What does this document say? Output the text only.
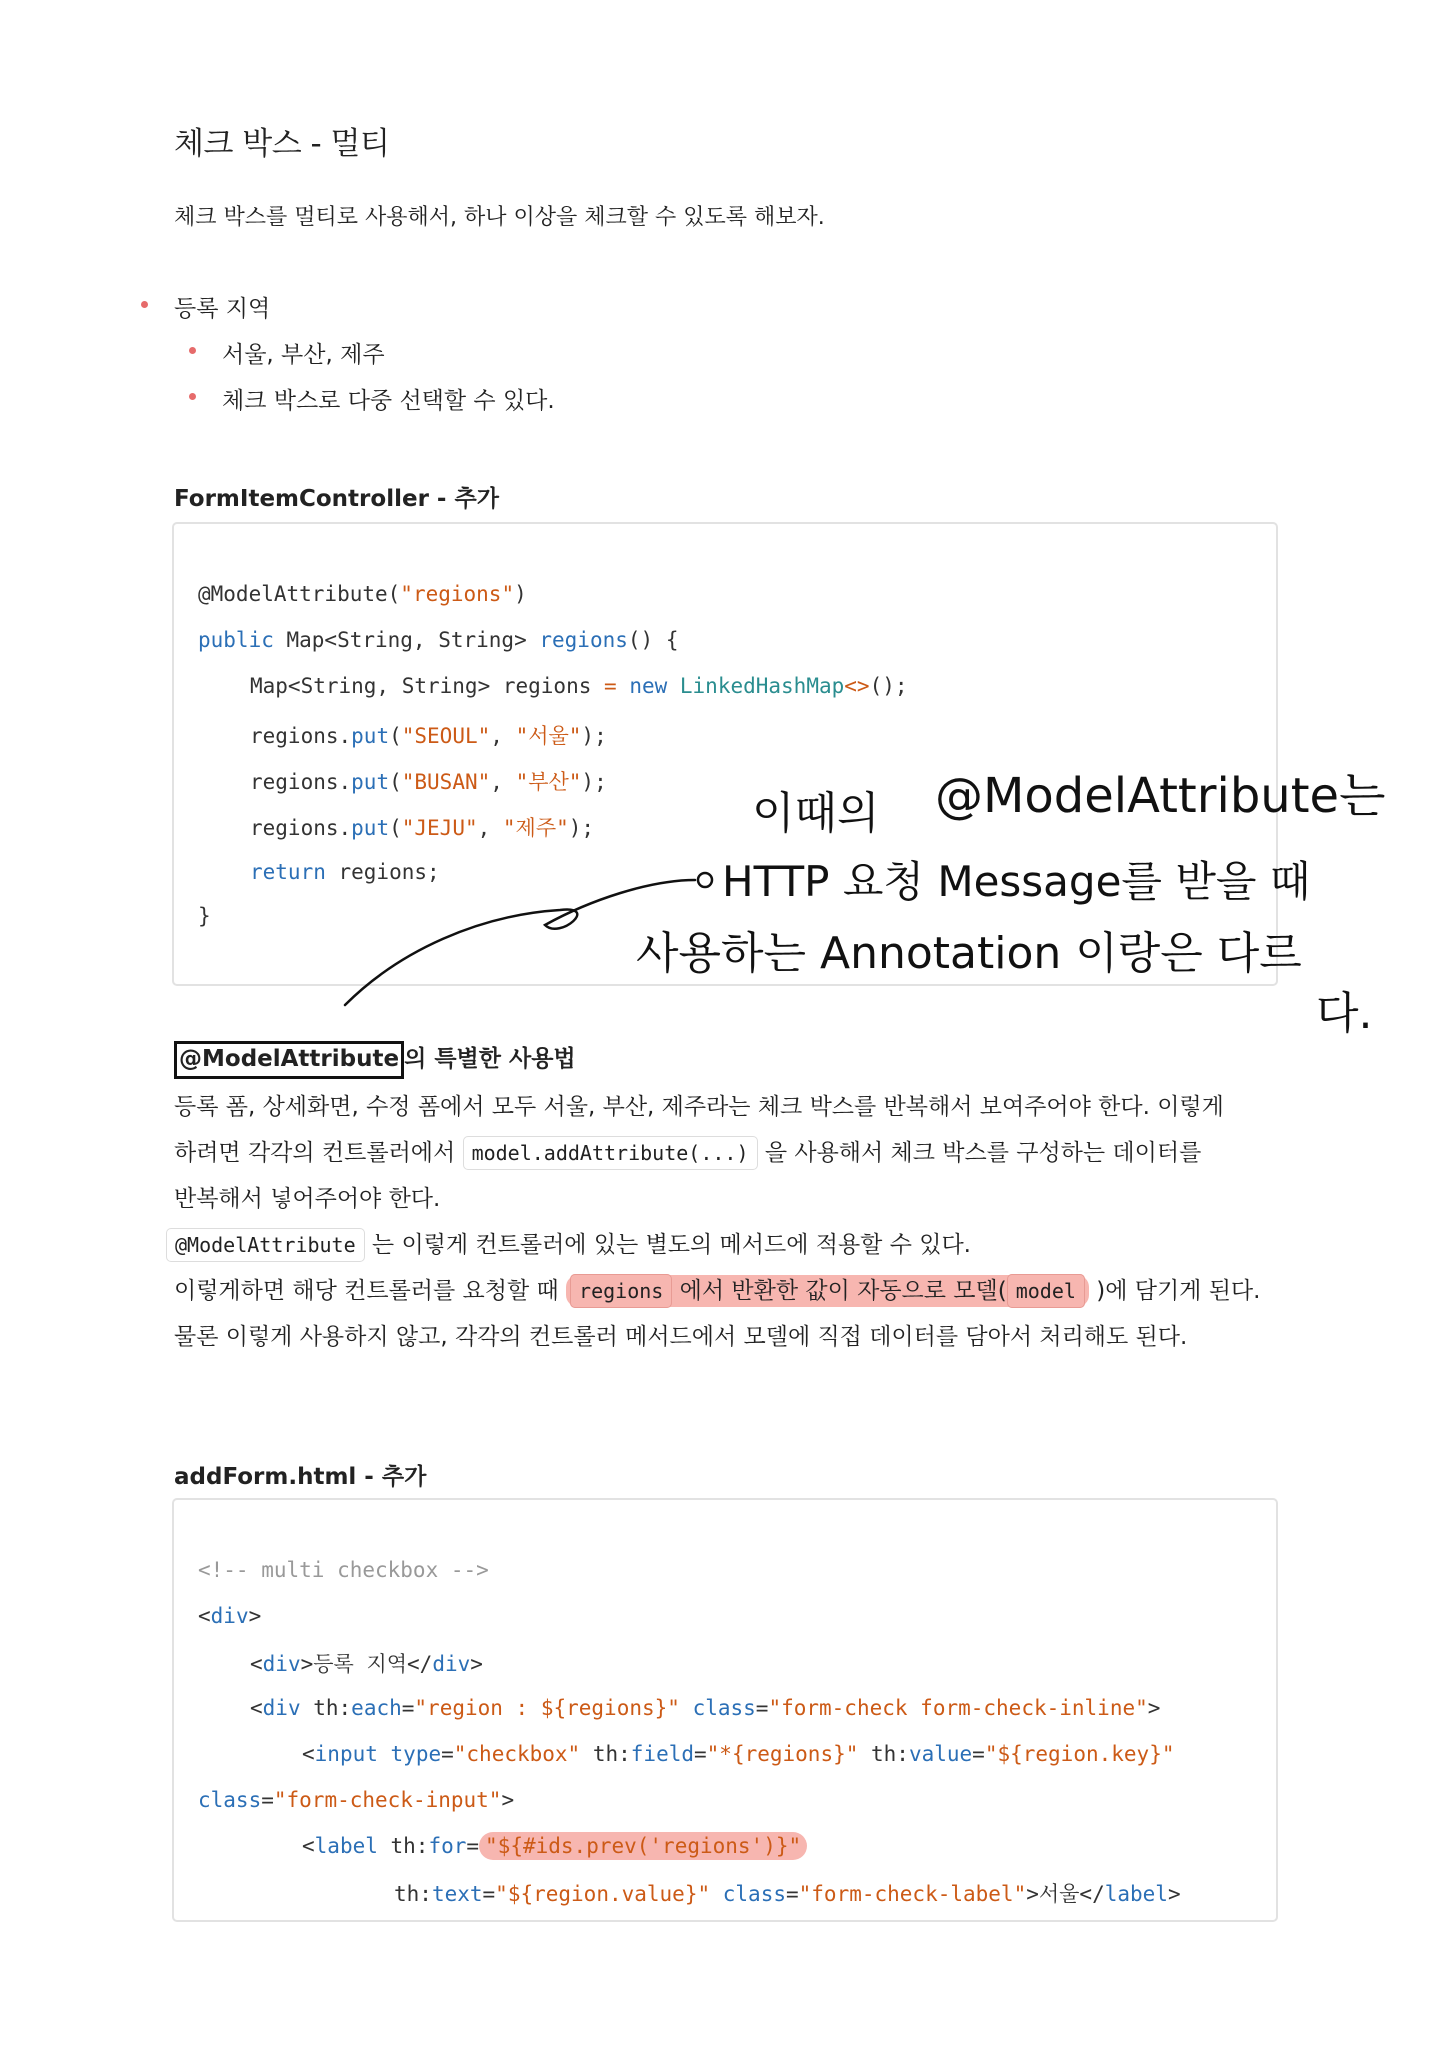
체크 박스 - 멀티
체크 박스를 멀티로 사용해서, 하나 이상을 체크할 수 있도록 해보자.
등록 지역
서울, 부산, 제주
체크 박스로 다중 선택할 수 있다.
FormItemController - 추가
@ModelAttribute("regions")
public Map<String, String> regions() {
Map<String, String> regions = new LinkedHashMap<>();
regions.put("SEOUL", "서울");
regions.put("BUSAN", "부산");
regions.put("JEJU", "제주");
return regions;
}
@ModelAttribute 의 특별한 사용법
등록 폼, 상세화면, 수정 폼에서 모두 서울, 부산, 제주라는 체크 박스를 반복해서 보여주어야 한다. 이렇게
하려면 각각의 컨트롤러에서 model.addAttribute(...) 을 사용해서 체크 박스를 구성하는 데이터를
반복해서 넣어주어야 한다.
@ModelAttribute 는 이렇게 컨트롤러에 있는 별도의 메서드에 적용할 수 있다.
이렇게하면 해당 컨트롤러를 요청할 때 regions 에서 반환한 값이 자동으로 모델( model )에 담기게 된다.
물론 이렇게 사용하지 않고, 각각의 컨트롤러 메서드에서 모델에 직접 데이터를 담아서 처리해도 된다.
addForm.html - 추가
<!-- multi checkbox -->
<div>
<div>등록 지역</div>
<div th:each="region : ${regions}" class="form-check form-check-inline">
<input type="checkbox" th:field="*{regions}" th:value="${region.key}"
class="form-check-input">
<label th:for= "${#ids.prev('regions')}"
th:text="${region.value}" class="form-check-label">서울</label>
이때의 @ModelAttribute는
HTTP 요청 Message를 받을 때
사용하는 Annotation 이랑은 다르
다.
